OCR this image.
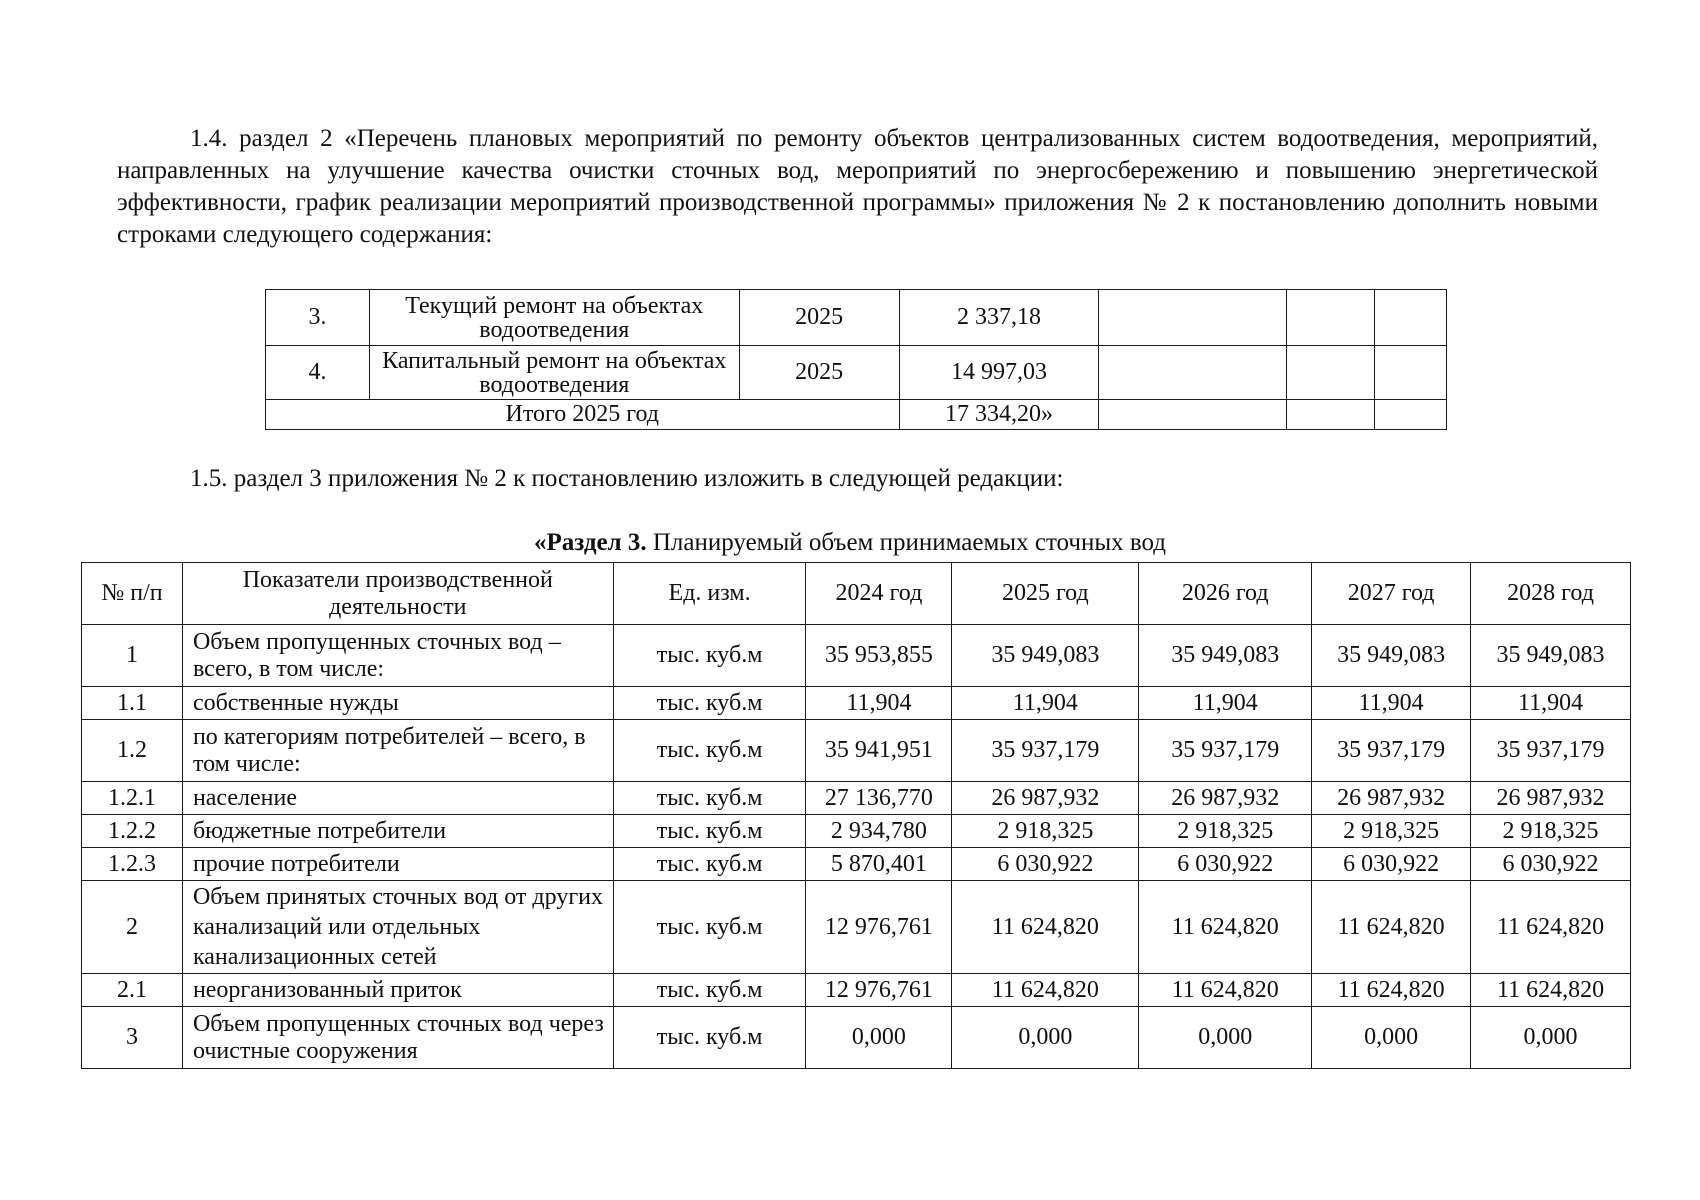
1.4. раздел 2 «Перечень плановых мероприятий по ремонту объектов централизованных систем водоотведения, мероприятий, направленных на улучшение качества очистки сточных вод, мероприятий по энергосбережению и повышению энергетической эффективности, график реализации мероприятий производственной программы» приложения № 2 к постановлению дополнить новыми строками следующего содержания:

3.	Текущий ремонт на объектах водоотведения	2025	2 337,18			
4.	Капитальный ремонт на объектах водоотведения	2025	14 997,03			
Итого 2025 год			17 334,20»			

1.5. раздел 3 приложения № 2 к постановлению изложить в следующей редакции:

«Раздел 3. Планируемый объем принимаемых сточных вод

№ п/п	Показатели производственной деятельности	Ед. изм.	2024 год	2025 год	2026 год	2027 год	2028 год
1	Объем пропущенных сточных вод – всего, в том числе:	тыс. куб.м	35 953,855	35 949,083	35 949,083	35 949,083	35 949,083
1.1	собственные нужды	тыс. куб.м	11,904	11,904	11,904	11,904	11,904
1.2	по категориям потребителей – всего, в том числе:	тыс. куб.м	35 941,951	35 937,179	35 937,179	35 937,179	35 937,179
1.2.1	население	тыс. куб.м	27 136,770	26 987,932	26 987,932	26 987,932	26 987,932
1.2.2	бюджетные потребители	тыс. куб.м	2 934,780	2 918,325	2 918,325	2 918,325	2 918,325
1.2.3	прочие потребители	тыс. куб.м	5 870,401	6 030,922	6 030,922	6 030,922	6 030,922
2	Объем принятых сточных вод от других канализаций или отдельных канализационных сетей	тыс. куб.м	12 976,761	11 624,820	11 624,820	11 624,820	11 624,820
2.1	неорганизованный приток	тыс. куб.м	12 976,761	11 624,820	11 624,820	11 624,820	11 624,820
3	Объем пропущенных сточных вод через очистные сооружения	тыс. куб.м	0,000	0,000	0,000	0,000	0,000
